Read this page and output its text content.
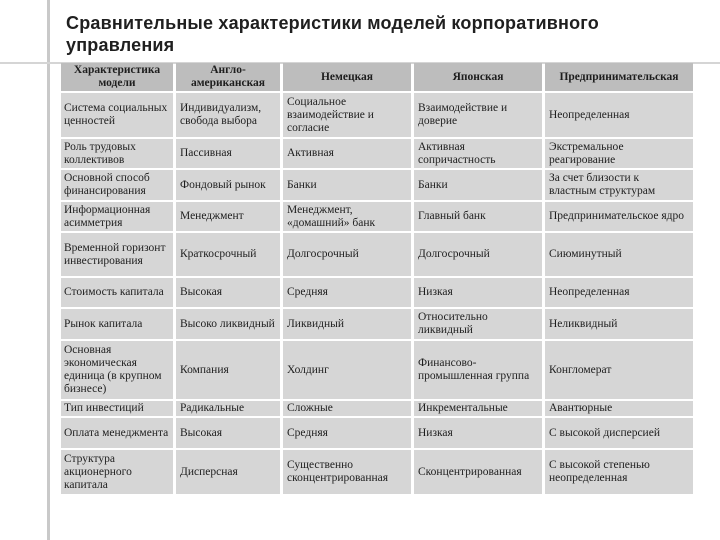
Сравнительные характеристики моделей корпоративного управления
Характеристика модели	Англо-американская	Немецкая	Японская	Предпринимательская
Система социальных ценностей	Индивидуализм, свобода выбора	Социальное взаимодействие и согласие	Взаимодействие и доверие	Неопределенная
Роль трудовых коллективов	Пассивная	Активная	Активная сопричастность	Экстремальное реагирование
Основной способ финансирования	Фондовый рынок	Банки	Банки	За счет близости к властным структурам
Информационная асимметрия	Менеджмент	Менеджмент, «домашний» банк	Главный банк	Предпринимательское ядро
Временной горизонт инвестирования	Краткосрочный	Долгосрочный	Долгосрочный	Сиюминутный
Стоимость капитала	Высокая	Средняя	Низкая	Неопределенная
Рынок капитала	Высоко ликвидный	Ликвидный	Относительно ликвидный	Неликвидный
Основная экономическая единица (в крупном бизнесе)	Компания	Холдинг	Финансово-промышленная группа	Конгломерат
Тип инвестиций	Радикальные	Сложные	Инкрементальные	Авантюрные
Оплата менеджмента	Высокая	Средняя	Низкая	С высокой дисперсией
Структура акционерного капитала	Дисперсная	Существенно сконцентрированная	Сконцентрированная	С высокой степенью неопределенная
